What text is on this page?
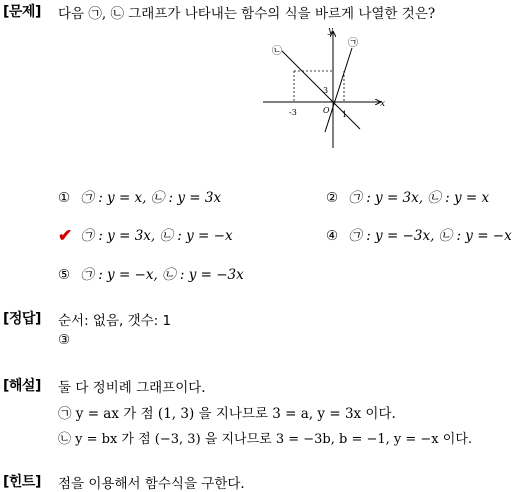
[문제] 다음 ㉠, ㉡ 그래프가 나타내는 함수의 식을 바르게 나열한 것은?
y
x
O
3
-3	1
㉠
㉡
① ㉠ : y = x, ㉡ : y = 3x	② ㉠ : y = 3x, ㉡ : y = x
✔ ㉠ : y = 3x, ㉡ : y = −x	④ ㉠ : y = −3x, ㉡ : y = −x
⑤ ㉠ : y = −x, ㉡ : y = −3x
[정답] 순서: 없음, 갯수: 1
③
[해설] 둘 다 정비례 그래프이다.
㉠ y = ax 가 점 (1, 3) 을 지나므로 3 = a, y = 3x 이다.
㉡ y = bx 가 점 (−3, 3) 을 지나므로 3 = −3b, b = −1, y = −x 이다.
[힌트] 점을 이용해서 함수식을 구한다.
